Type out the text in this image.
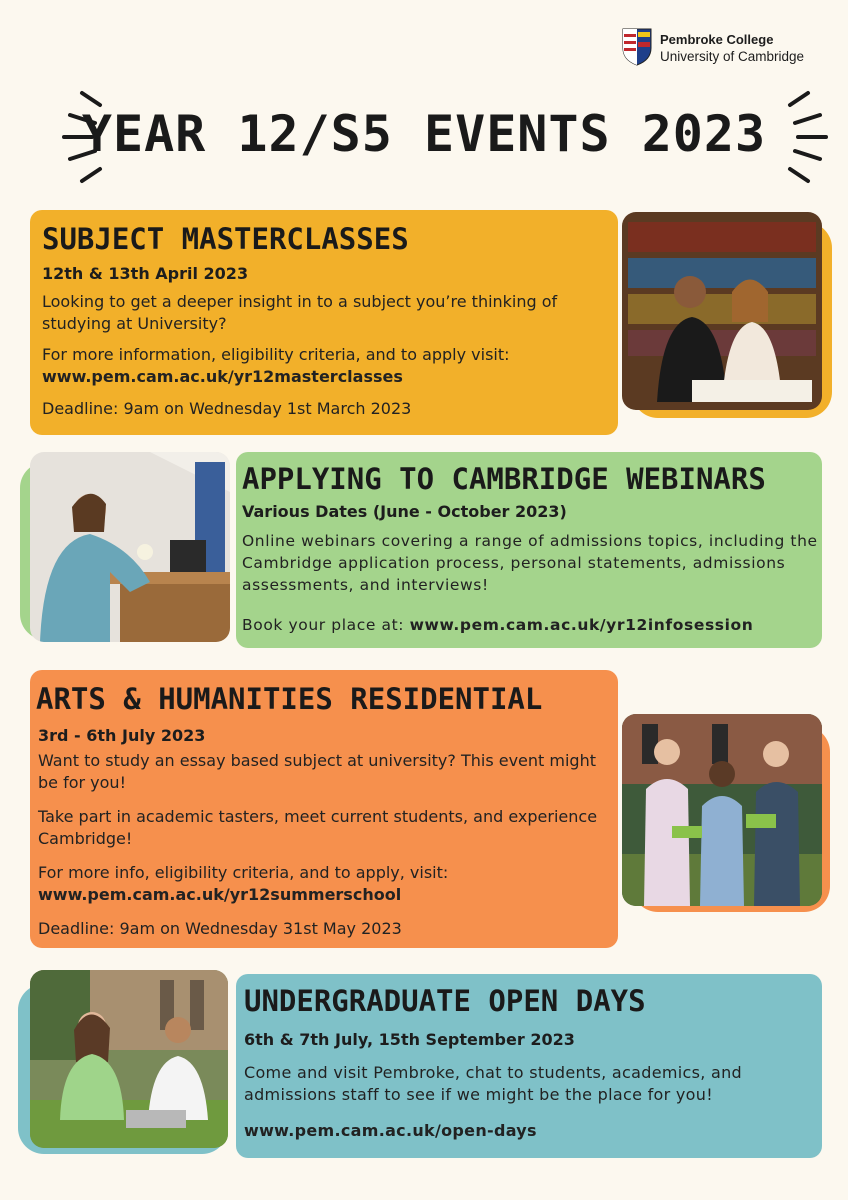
Pembroke College
University of Cambridge
YEAR 12/S5 EVENTS 2023
SUBJECT MASTERCLASSES
12th & 13th April 2023

Looking to get a deeper insight in to a subject you’re thinking of studying at University?

For more information, eligibility criteria, and to apply visit:

www.pem.cam.ac.uk/yr12masterclasses

Deadline: 9am on Wednesday 1st March 2023

APPLYING TO CAMBRIDGE WEBINARS
Various Dates (June - October 2023)

Online webinars covering a range of admissions topics, including the Cambridge application process, personal statements, admissions assessments, and interviews!

Book your place at: www.pem.cam.ac.uk/yr12infosession

ARTS & HUMANITIES RESIDENTIAL
3rd - 6th July 2023

Want to study an essay based subject at university? This event might be for you!

Take part in academic tasters, meet current students, and experience Cambridge!

For more info, eligibility criteria, and to apply, visit:

www.pem.cam.ac.uk/yr12summerschool

Deadline: 9am on Wednesday 31st May 2023

UNDERGRADUATE OPEN DAYS
6th & 7th July, 15th September 2023

Come and visit Pembroke, chat to students, academics, and admissions staff to see if we might be the place for you!

www.pem.cam.ac.uk/open-days
